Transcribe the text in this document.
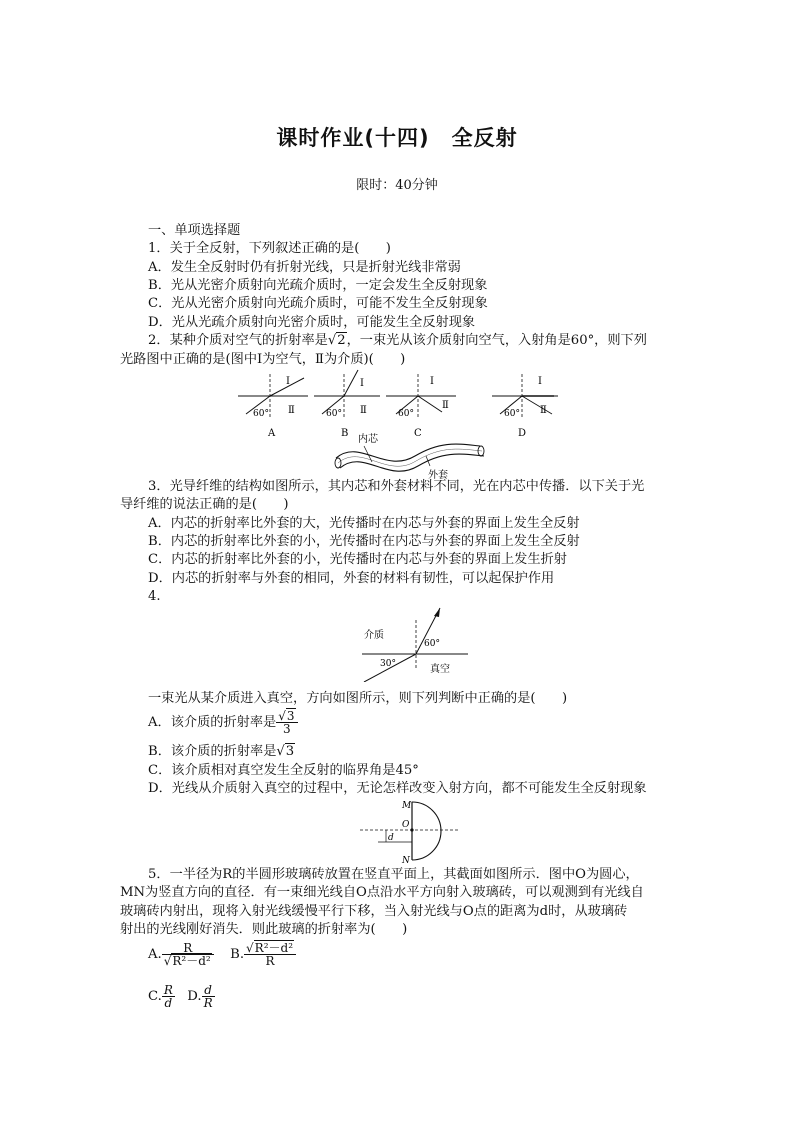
课时作业(十四)　全反射
限时：40分钟
一、单项选择题
1．关于全反射，下列叙述正确的是(　　)
A．发生全反射时仍有折射光线，只是折射光线非常弱
B．光从光密介质射向光疏介质时，一定会发生全反射现象
C．光从光密介质射向光疏介质时，可能不发生全反射现象
D．光从光疏介质射向光密介质时，可能发生全反射现象
2．某种介质对空气的折射率是√2，一束光从该介质射向空气，入射角是60°，则下列
光路图中正确的是(图中Ⅰ为空气，Ⅱ为介质)(　　)
Ⅰ
Ⅱ
60°
A
Ⅰ
Ⅱ
60°
B
Ⅰ
Ⅱ
60°
C
Ⅰ
Ⅱ
60°
D
内芯
外套
3．光导纤维的结构如图所示，其内芯和外套材料不同，光在内芯中传播．以下关于光
导纤维的说法正确的是(　　)
A．内芯的折射率比外套的大，光传播时在内芯与外套的界面上发生全反射
B．内芯的折射率比外套的小，光传播时在内芯与外套的界面上发生全反射
C．内芯的折射率比外套的小，光传播时在内芯与外套的界面上发生折射
D．内芯的折射率与外套的相同，外套的材料有韧性，可以起保护作用
4.
介质
真空
60°
30°
一束光从某介质进入真空，方向如图所示，则下列判断中正确的是(　　)
A．该介质的折射率是 $\frac{√3}{3}$
B．该介质的折射率是√3
C．该介质相对真空发生全反射的临界角是45°
D．光线从介质射入真空的过程中，无论怎样改变入射方向，都不可能发生全反射现象
M
N
O
d
5．一半径为R的半圆形玻璃砖放置在竖直平面上，其截面如图所示．图中O为圆心，
MN为竖直方向的直径．有一束细光线自O点沿水平方向射入玻璃砖，可以观测到有光线自
玻璃砖内射出，现将入射光线缓慢平行下移，当入射光线与O点的距离为d时，从玻璃砖
射出的光线刚好消失．则此玻璃的折射率为(　　)
A. $\frac{R}{\text{√R²－d²}} B$. $\frac{\text{√R²－d²}}{R}$
C. $\frac{R}{d} D$. $\frac{d}{R}$
